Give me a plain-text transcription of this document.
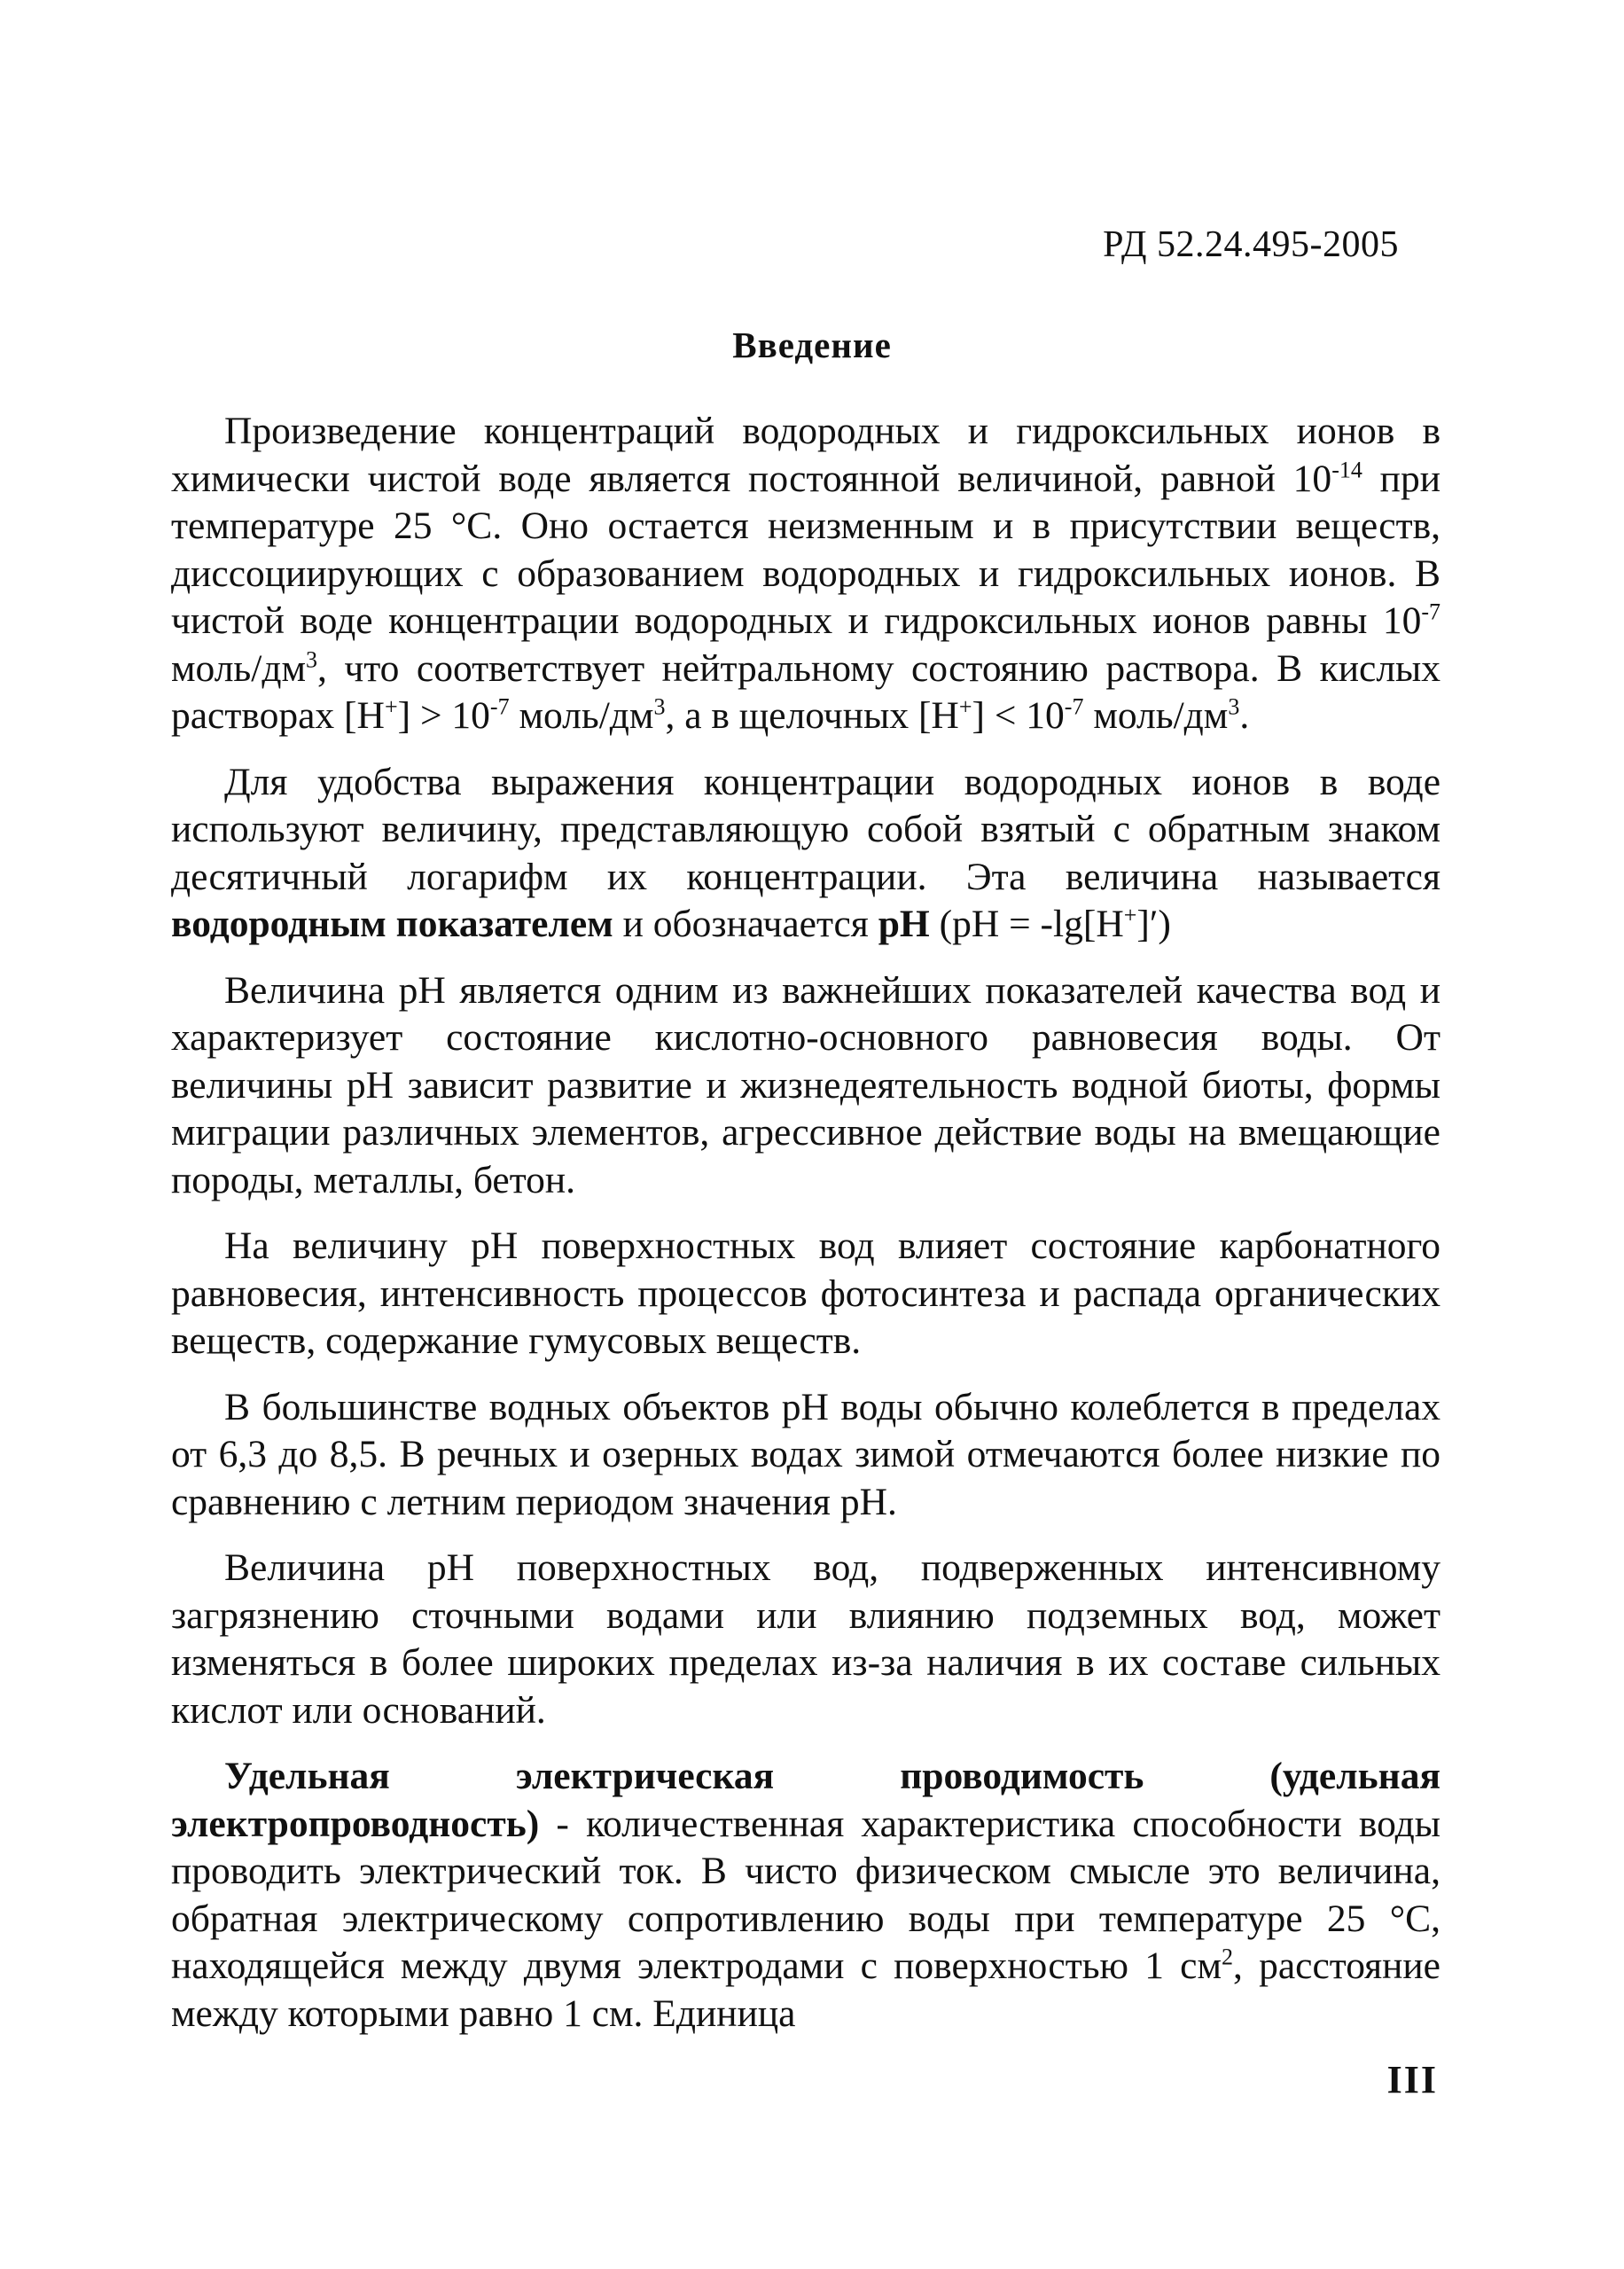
РД 52.24.495-2005
Введение

Произведение концентраций водородных и гидроксильных ионов в химически чистой воде является постоянной величиной, равной $10^{-14}$ при температуре 25 °С. Оно остается неизменным и в присутствии веществ, диссоциирующих с образованием водородных и гидроксильных ионов. В чистой воде концентрации водородных и гидроксильных ионов равны $10^{-7}$ моль/$дм^3$, что соответствует нейтральному состоянию раствора. В кислых растворах $[Н^+] > 10^{-7}$ моль/$дм^3$, а в щелочных $[Н^+] < 10^{-7}$ моль/$дм^3$.

Для удобства выражения концентрации водородных ионов в воде используют величину, представляющую собой взятый с обратным знаком десятичный логарифм их концентрации. Эта величина называется водородным показателем и обозначается pH (pH = -lg[H+]′)

Величина рН является одним из важнейших показателей качества вод и характеризует состояние кислотно-основного равновесия воды. От величины рН зависит развитие и жизнедеятельность водной биоты, формы миграции различных элементов, агрессивное действие воды на вмещающие породы, металлы, бетон.

На величину рН поверхностных вод влияет состояние карбонатного равновесия, интенсивность процессов фотосинтеза и распада органических веществ, содержание гумусовых веществ.

В большинстве водных объектов рН воды обычно колеблется в пределах от 6,3 до 8,5. В речных и озерных водах зимой отмечаются более низкие по сравнению с летним периодом значения рН.

Величина рН поверхностных вод, подверженных интенсивному загрязнению сточными водами или влиянию подземных вод, может изменяться в более широких пределах из-за наличия в их составе сильных кислот или оснований.

Удельная электрическая проводимость (удельная электропроводность) - количественная характеристика способности воды проводить электрический ток. В чисто физическом смысле это величина, обратная электрическому сопротивлению воды при температуре 25 °С, находящейся между двумя электродами с поверхностью 1 $см^2$, расстояние между которыми равно 1 см. Единица

III
